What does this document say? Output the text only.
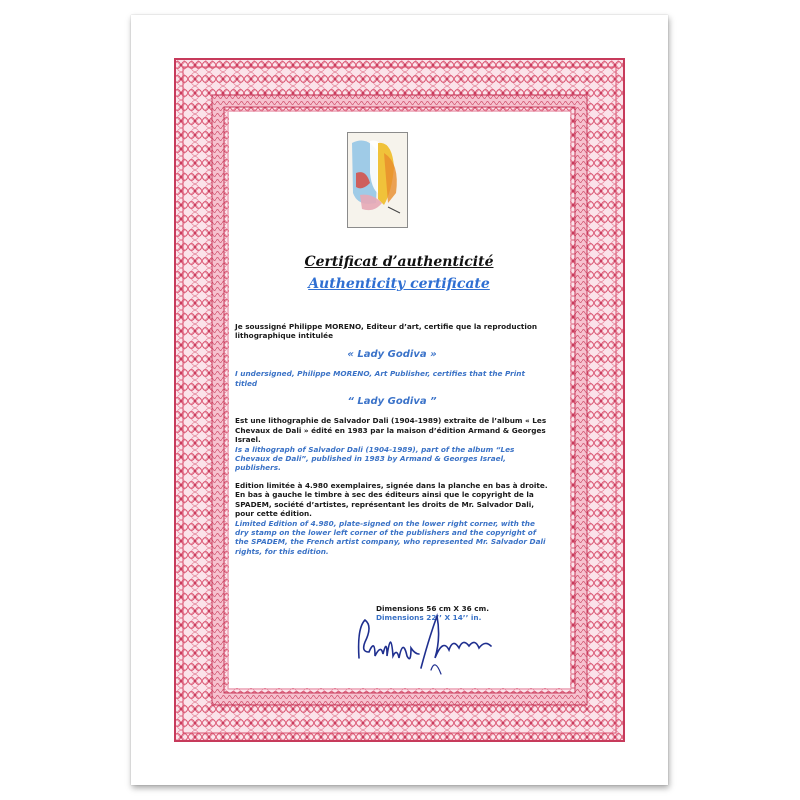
Certificat d’authenticité
Authenticity certificate

Je soussigné Philippe MORENO, Editeur d’art, certifie que la reproduction lithographique intitulée

« Lady Godiva »

I undersigned, Philippe MORENO, Art Publisher, certifies that the Print titled

“ Lady Godiva ”

Est une lithographie de Salvador Dali (1904-1989) extraite de l’album « Les Chevaux de Dali » édité en 1983 par la maison d’édition Armand & Georges Israel.

Is a lithograph of Salvador Dali (1904-1989), part of the album “Les Chevaux de Dali”, published in 1983 by Armand & Georges Israel, publishers.

Edition limitée à 4.980 exemplaires, signée dans la planche en bas à droite. En bas à gauche le timbre à sec des éditeurs ainsi que le copyright de la SPADEM, société d’artistes, représentant les droits de Mr. Salvador Dali, pour cette édition.

Limited Edition of 4.980, plate-signed on the lower right corner, with the dry stamp on the lower left corner of the publishers and the copyright of the SPADEM, the French artist company, who represented Mr. Salvador Dali rights, for this edition.

Dimensions 56 cm X 36 cm.
Dimensions 22’’ X 14’’ in.
